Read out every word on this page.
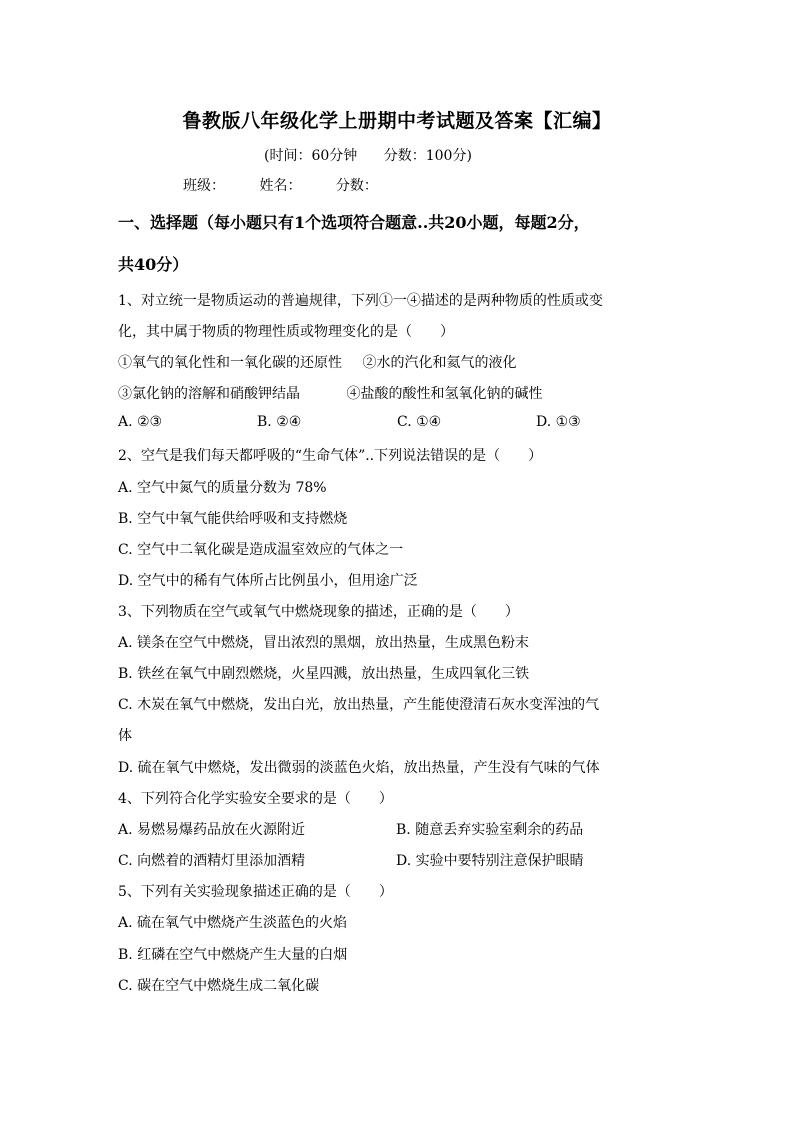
鲁教版八年级化学上册期中考试题及答案【汇编】
(时间：60分钟 分数：100分)
班级： 姓名： 分数：
一、选择题（每小题只有1个选项符合题意..共20小题，每题2分，
共40分）
1、对立统一是物质运动的普遍规律，下列①一④描述的是两种物质的性质或变
化，其中属于物质的物理性质或物理变化的是（　　）
①氧气的氧化性和一氧化碳的还原性 ②水的汽化和氦气的液化
③氯化钠的溶解和硝酸钾结晶	④盐酸的酸性和氢氧化钠的碱性
A. ②③	B. ②④	C. ①④	D. ①③
2、空气是我们每天都呼吸的“生命气体”..下列说法错误的是（　　）
A. 空气中氮气的质量分数为 78%
B. 空气中氧气能供给呼吸和支持燃烧
C. 空气中二氧化碳是造成温室效应的气体之一
D. 空气中的稀有气体所占比例虽小，但用途广泛
3、下列物质在空气或氧气中燃烧现象的描述，正确的是（　　）
A. 镁条在空气中燃烧，冒出浓烈的黑烟，放出热量，生成黑色粉末
B. 铁丝在氧气中剧烈燃烧，火星四溅，放出热量，生成四氧化三铁
C. 木炭在氧气中燃烧，发出白光，放出热量，产生能使澄清石灰水变浑浊的气
体
D. 硫在氧气中燃烧，发出微弱的淡蓝色火焰，放出热量，产生没有气味的气体
4、下列符合化学实验安全要求的是（　　）
A. 易燃易爆药品放在火源附近	B. 随意丢弃实验室剩余的药品
C. 向燃着的酒精灯里添加酒精	D. 实验中要特别注意保护眼睛
5、下列有关实验现象描述正确的是（　　）
A. 硫在氧气中燃烧产生淡蓝色的火焰
B. 红磷在空气中燃烧产生大量的白烟
C. 碳在空气中燃烧生成二氧化碳
